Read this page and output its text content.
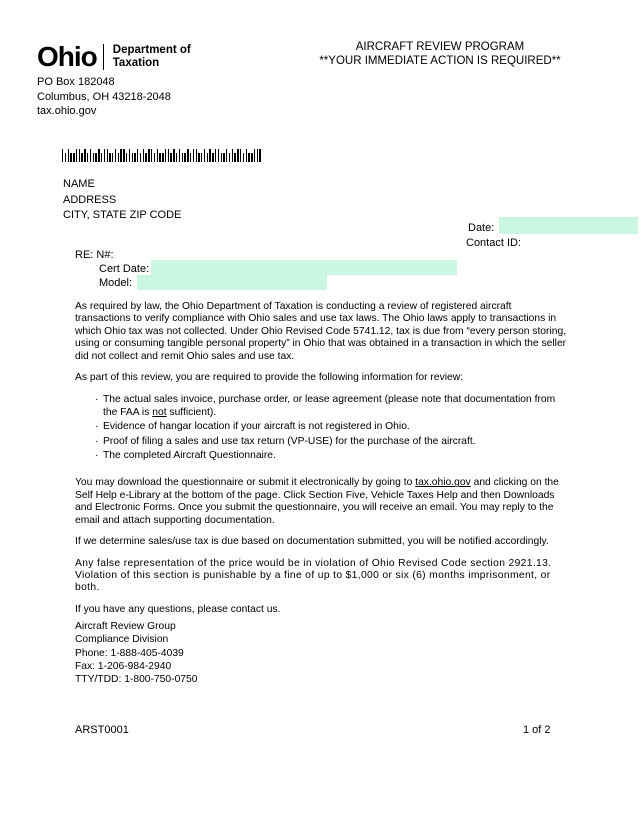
Ohio Department of
Taxation
AIRCRAFT REVIEW PROGRAM
**YOUR IMMEDIATE ACTION IS REQUIRED**
PO Box 182048
Columbus, OH 43218-2048
tax.ohio.gov
NAME
ADDRESS
CITY, STATE ZIP CODE
Date:
Contact ID:
RE: N#:
Cert Date:
Model:

As required by law, the Ohio Department of Taxation is conducting a review of registered aircraft transactions to verify compliance with Ohio sales and use tax laws. The Ohio laws apply to transactions in which Ohio tax was not collected. Under Ohio Revised Code 5741.12, tax is due from “every person storing, using or consuming tangible personal property” in Ohio that was obtained in a transaction in which the seller did not collect and remit Ohio sales and use tax.

As part of this review, you are required to provide the following information for review:

· The actual sales invoice, purchase order, or lease agreement (please note that documentation from the FAA is not sufficient).
· Evidence of hangar location if your aircraft is not registered in Ohio.
· Proof of filing a sales and use tax return (VP-USE) for the purchase of the aircraft.
· The completed Aircraft Questionnaire.

You may download the questionnaire or submit it electronically by going to tax.ohio.gov and clicking on the Self Help e-Library at the bottom of the page. Click Section Five, Vehicle Taxes Help and then Downloads and Electronic Forms. Once you submit the questionnaire, you will receive an email. You may reply to the email and attach supporting documentation.

If we determine sales/use tax is due based on documentation submitted, you will be notified accordingly.

Any false representation of the price would be in violation of Ohio Revised Code section 2921.13. Violation of this section is punishable by a fine of up to $1,000 or six (6) months imprisonment, or both.

If you have any questions, please contact us.

Aircraft Review Group
Compliance Division
Phone: 1-888-405-4039
Fax: 1-206-984-2940
TTY/TDD: 1-800-750-0750
ARST0001	1 of 2
